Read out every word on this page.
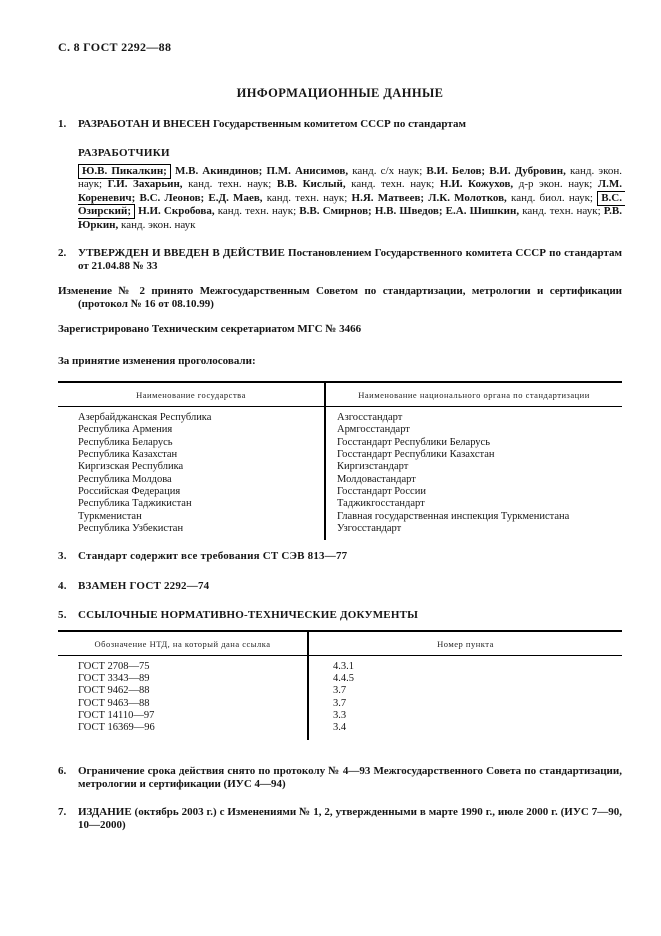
С. 8 ГОСТ 2292—88
ИНФОРМАЦИОННЫЕ ДАННЫЕ

1. РАЗРАБОТАН И ВНЕСЕН Государственным комитетом СССР по стандартам

РАЗРАБОТЧИКИ

Ю.В. Пикалкин; М.В. Акиндинов; П.М. Анисимов, канд. с/х наук; В.И. Белов; В.И. Дубровин, канд. экон. наук; Г.И. Захарьин, канд. техн. наук; В.В. Кислый, канд. техн. наук; Н.И. Кожухов, д-р экон. наук; Л.М. Кореневич; В.С. Леонов; Е.Д. Маев, канд. техн. наук; Н.Я. Матвеев; Л.К. Молотков, канд. биол. наук; В.С. Озирский; Н.И. Скробова, канд. техн. наук; В.В. Смирнов; Н.В. Шведов; Е.А. Шишкин, канд. техн. наук; Р.В. Юркин, канд. экон. наук

2. УТВЕРЖДЕН И ВВЕДЕН В ДЕЙСТВИЕ Постановлением Государственного комитета СССР по стандартам от 21.04.88 № 33

Изменение № 2 принято Межгосударственным Советом по стандартизации, метрологии и сертификации (протокол № 16 от 08.10.99)

Зарегистрировано Техническим секретариатом МГС № 3466

За принятие изменения проголосовали:

Наименование государства	Наименование национального органа по стандартизации
Азербайджанская Республика	Азгосстандарт
Республика Армения	Армгосстандарт
Республика Беларусь	Госстандарт Республики Беларусь
Республика Казахстан	Госстандарт Республики Казахстан
Киргизская Республика	Киргизстандарт
Республика Молдова	Молдовастандарт
Российская Федерация	Госстандарт России
Республика Таджикистан	Таджикгосстандарт
Туркменистан	Главная государственная инспекция Туркменистана
Республика Узбекистан	Узгосстандарт

3. Стандарт содержит все требования СТ СЭВ 813—77

4. ВЗАМЕН ГОСТ 2292—74

5. ССЫЛОЧНЫЕ НОРМАТИВНО-ТЕХНИЧЕСКИЕ ДОКУМЕНТЫ

Обозначение НТД, на который дана ссылка	Номер пункта
ГОСТ 2708—75	4.3.1
ГОСТ 3343—89	4.4.5
ГОСТ 9462—88	3.7
ГОСТ 9463—88	3.7
ГОСТ 14110—97	3.3
ГОСТ 16369—96	3.4

6. Ограничение срока действия снято по протоколу № 4—93 Межгосударственного Совета по стандартизации, метрологии и сертификации (ИУС 4—94)

7. ИЗДАНИЕ (октябрь 2003 г.) с Изменениями № 1, 2, утвержденными в марте 1990 г., июле 2000 г. (ИУС 7—90, 10—2000)
